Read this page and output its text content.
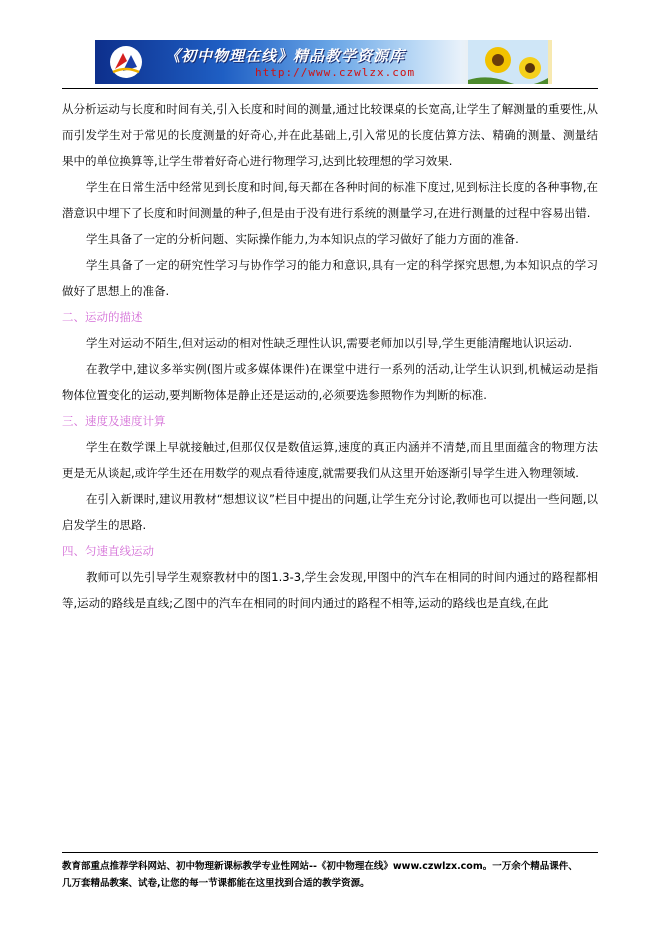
《初中物理在线》精品教学资源库
http://www.czwlzx.com

从分析运动与长度和时间有关,引入长度和时间的测量,通过比较课桌的长宽高,让学生了解测量的重要性,从而引发学生对于常见的长度测量的好奇心,并在此基础上,引入常见的长度估算方法、精确的测量、测量结果中的单位换算等,让学生带着好奇心进行物理学习,达到比较理想的学习效果.

学生在日常生活中经常见到长度和时间,每天都在各种时间的标准下度过,见到标注长度的各种事物,在潜意识中埋下了长度和时间测量的种子,但是由于没有进行系统的测量学习,在进行测量的过程中容易出错.

学生具备了一定的分析问题、实际操作能力,为本知识点的学习做好了能力方面的准备.

学生具备了一定的研究性学习与协作学习的能力和意识,具有一定的科学探究思想,为本知识点的学习做好了思想上的准备.

二、运动的描述

学生对运动不陌生,但对运动的相对性缺乏理性认识,需要老师加以引导,学生更能清醒地认识运动.

在教学中,建议多举实例(图片或多媒体课件)在课堂中进行一系列的活动,让学生认识到,机械运动是指物体位置变化的运动,要判断物体是静止还是运动的,必须要选参照物作为判断的标准.

三、速度及速度计算

学生在数学课上早就接触过,但那仅仅是数值运算,速度的真正内涵并不清楚,而且里面蕴含的物理方法更是无从谈起,或许学生还在用数学的观点看待速度,就需要我们从这里开始逐渐引导学生进入物理领域.

在引入新课时,建议用教材“想想议议”栏目中提出的问题,让学生充分讨论,教师也可以提出一些问题,以启发学生的思路.

四、匀速直线运动

教师可以先引导学生观察教材中的图1.3-3,学生会发现,甲图中的汽车在相同的时间内通过的路程都相等,运动的路线是直线;乙图中的汽车在相同的时间内通过的路程不相等,运动的路线也是直线,在此

教育部重点推荐学科网站、初中物理新课标教学专业性网站--《初中物理在线》www.czwlzx.com。一万余个精品课件、
几万套精品教案、试卷,让您的每一节课都能在这里找到合适的教学资源。
